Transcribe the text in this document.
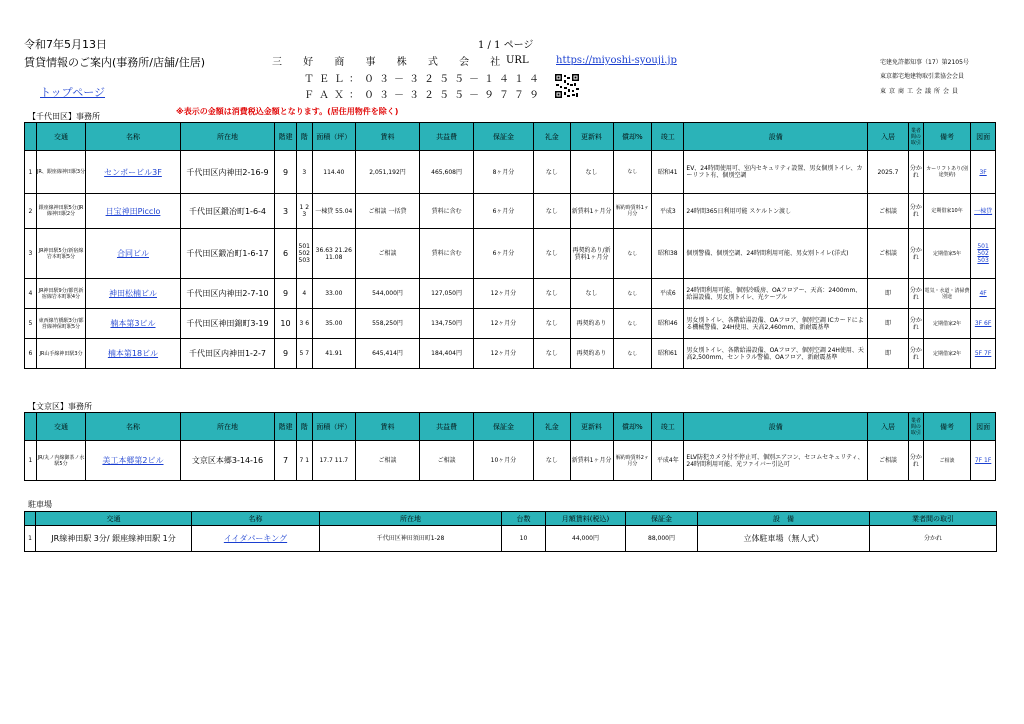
令和7年5月13日
賃貸情報のご案内(事務所/店舗/住居)
トップページ
1 / 1 ページ
三 好 商 事 株 式 会 社
ＴＥＬ：０３－３２５５－１４１４
ＦＡＸ：０３－３２５５－９７７９
URL	https://miyoshi-syouji.jp	宅建免許都知事（17）第2105号
東京都宅地建物取引業協会会員
東京商工会議所会員
※表示の金額は消費税込金額となります。(居住用物件を除く)
【千代田区】事務所
	交通	名称	所在地	階建	階	面積（坪）	賃料	共益費	保証金	礼金	更新料	償却%	竣工	設備	入居	業者間の取引	備考	図面
1	JR、銀座線神田駅3分	センボービル3F	千代田区内神田2-16-9	9	3	114.40	2,051,192円	465,608円	8ヶ月分	なし	なし	なし	昭和41	EV、24時間使用可、室内セキュリティ設置、男女個別トイレ、カーリフト有、個別空調	2025.7	分かれ	カーリフトあり(別途契約)	3F
2	銀座線神田駅5分/JR線神田駅2分	日宝神田Picclo	千代田区鍛冶町1-6-4	3	1 2 3	一棟貸 55.04	ご相談 一括貸	賃料に含む	6ヶ月分	なし	新賃料1ヶ月分	解約時賃料1ヶ月分	平成3	24時間365日利用可能 スケルトン渡し	ご相談	分かれ	定期借家10年	一棟貸
3	JR神田駅5分/新宿線岩本町駅5分	合同ビル	千代田区鍛冶町1-6-17	6	501 502 503	36.63 21.26 11.08	ご相談	賃料に含む	6ヶ月分	なし	再契約あり/新賃料1ヶ月分	なし	昭和38	個別警備、個別空調、24時間利用可能、男女別トイレ(洋式)	ご相談	分かれ	定期借家5年	501 502 503
4	JR神田駅9分/都営新宿線岩本町駅4分	神田松楠ビル	千代田区内神田2-7-10	9	4	33.00	544,000円	127,050円	12ヶ月分	なし	なし	なし	平成6	24時間利用可能、個別冷暖房、OAフロアー、天高：2400mm、給湯設備、男女別トイレ、光ケーブル	即	分かれ	電気・水道・清掃費別途	4F
5	東西線竹橋駅3分/都営線神保町駅5分	楠本第3ビル	千代田区神田錦町3-19	10	3 6	35.00	558,250円	134,750円	12ヶ月分	なし	再契約あり	なし	昭和46	男女別トイレ、各階給湯設備、OAフロア、個別空調 ICカードによる機械警備、24H使用、天高2,460mm、新耐震基準	即	分かれ	定期借家2年	3F 6F
6	JR山手線神田駅3分	楠本第18ビル	千代田区内神田1-2-7	9	5 7	41.91	645,414円	184,404円	12ヶ月分	なし	再契約あり	なし	昭和61	男女別トイレ、各階給湯設備、OAフロア、個別空調 24H使用、天高2,500mm、セントラル警備、OAフロア、新耐震基準	即	分かれ	定期借家2年	5F 7F
【文京区】事務所
	交通	名称	所在地	階建	階	面積（坪）	賃料	共益費	保証金	礼金	更新料	償却%	竣工	設備	入居	業者間の取引	備考	図面
1	JR/丸ノ内線御茶ノ水駅5分	美工本郷第2ビル	文京区本郷3-14-16	7	7 1	17.7 11.7	ご相談	ご相談	10ヶ月分	なし	新賃料1ヶ月分	解約時賃料2ヶ月分	平成4年	ELV防犯カメラ付不停止可、個別エアコン、セコムセキュリティ、24時間利用可能、光ファイバー引込可	ご相談	分かれ	ご相談	7F 1F
駐車場
	交通	名称	所在地	台数	月額賃料(税込)	保証金	設　備	業者間の取引
1	JR線神田駅 3分/ 銀座線神田駅 1分	イイダパーキング	千代田区神田須田町1-28	10	44,000円	88,000円	立体駐車場（無人式）	分かれ
